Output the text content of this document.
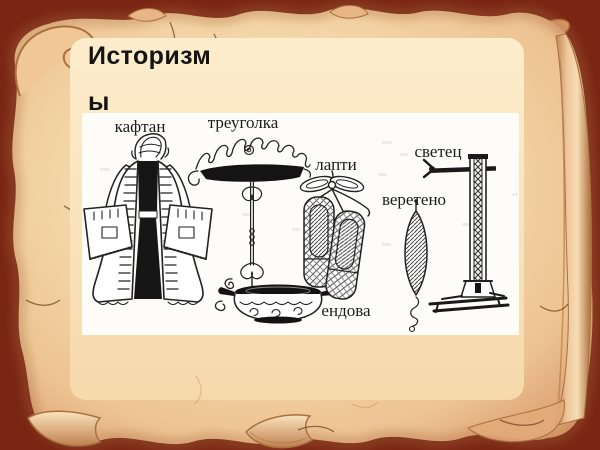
Историзм
ы
кафтан треуголка
лапти
веретено
светец
ендова
